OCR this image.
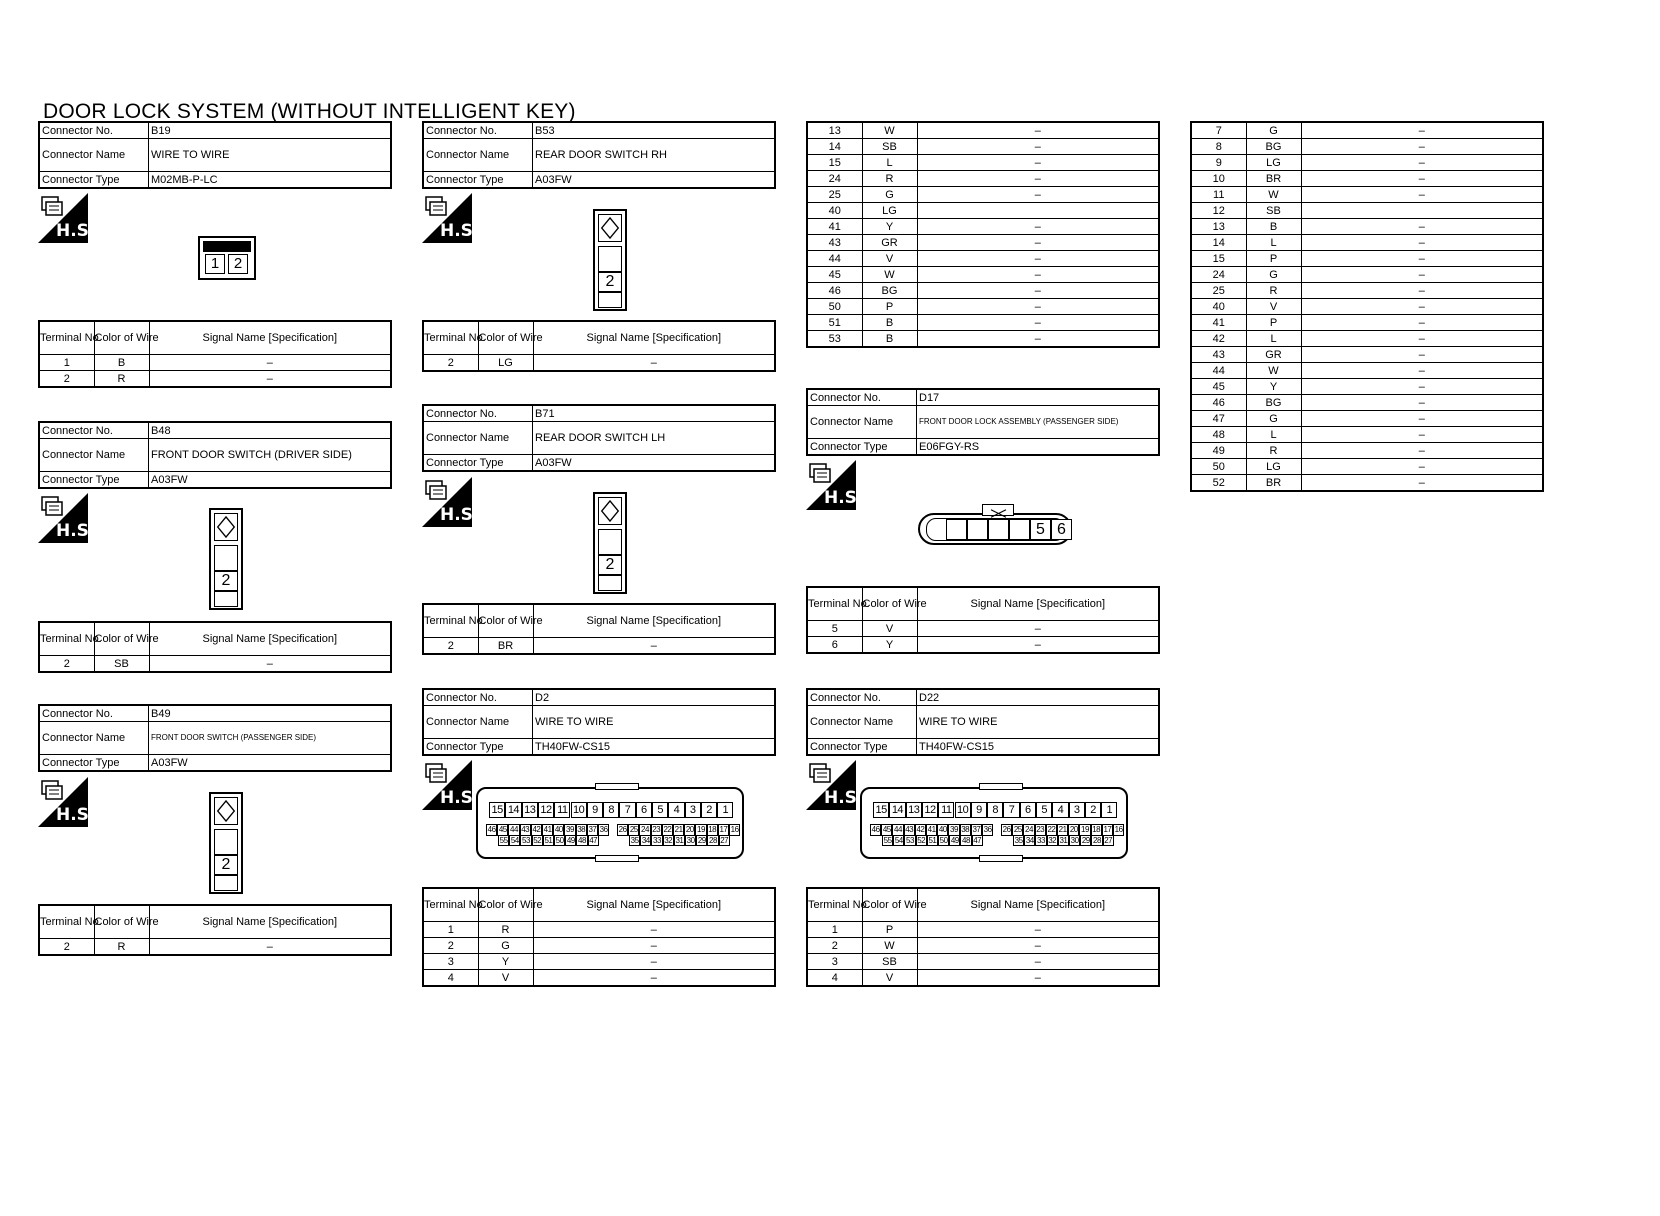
DOOR LOCK SYSTEM (WITHOUT INTELLIGENT KEY)
Connector No.	B19
Connector Name	WIRE TO WIRE
Connector Type	M02MB-P-LC
H.S.
1 2
Terminal No.	Color of Wire	Signal Name [Specification]
1	B	–
2	R	–
Connector No.	B48
Connector Name	FRONT DOOR SWITCH (DRIVER SIDE)
Connector Type	A03FW
H.S.
2
Terminal No.	Color of Wire	Signal Name [Specification]
2	SB	–
Connector No.	B49
Connector Name	FRONT DOOR SWITCH (PASSENGER SIDE)
Connector Type	A03FW
H.S.
2
Terminal No.	Color of Wire	Signal Name [Specification]
2	R	–
Connector No.	B53
Connector Name	REAR DOOR SWITCH RH
Connector Type	A03FW
H.S.
2
Terminal No.	Color of Wire	Signal Name [Specification]
2	LG	–
Connector No.	B71
Connector Name	REAR DOOR SWITCH LH
Connector Type	A03FW
H.S.
2
Terminal No.	Color of Wire	Signal Name [Specification]
2	BR	–
Connector No.	D2
Connector Name	WIRE TO WIRE
Connector Type	TH40FW-CS15
H.S.
15 14 13 12 11 10 9 8 7 6 5 4 3 2 1
46 45 44 43 42 41 40 39 38 37 36 26 25 24 23 22 21 20 19 18 17 16
55 54 53 52 51 50 49 48 47	35 34 33 32 31 30 29 28 27
Terminal No.	Color of Wire	Signal Name [Specification]
1	R	–
2	G	–
3	Y	–
4	V	–
13	W	–
14	SB	–
15	L	–
24	R	–
25	G	–
40	LG	
41	Y	–
43	GR	–
44	V	–
45	W	–
46	BG	–
50	P	–
51	B	–
53	B	–
Connector No.	D17
Connector Name	FRONT DOOR LOCK ASSEMBLY (PASSENGER SIDE)
Connector Type	E06FGY-RS
H.S.
5 6
Terminal No.	Color of Wire	Signal Name [Specification]
5	V	–
6	Y	–
Connector No.	D22
Connector Name	WIRE TO WIRE
Connector Type	TH40FW-CS15
H.S.
15 14 13 12 11 10 9 8 7 6 5 4 3 2 1
46 45 44 43 42 41 40 39 38 37 36 26 25 24 23 22 21 20 19 18 17 16
55 54 53 52 51 50 49 48 47	35 34 33 32 31 30 29 28 27
Terminal No.	Color of Wire	Signal Name [Specification]
1	P	–
2	W	–
3	SB	–
4	V	–
7	G	–
8	BG	–
9	LG	–
10	BR	–
11	W	–
12	SB	
13	B	–
14	L	–
15	P	–
24	G	–
25	R	–
40	V	–
41	P	–
42	L	–
43	GR	–
44	W	–
45	Y	–
46	BG	–
47	G	–
48	L	–
49	R	–
50	LG	–
52	BR	–
